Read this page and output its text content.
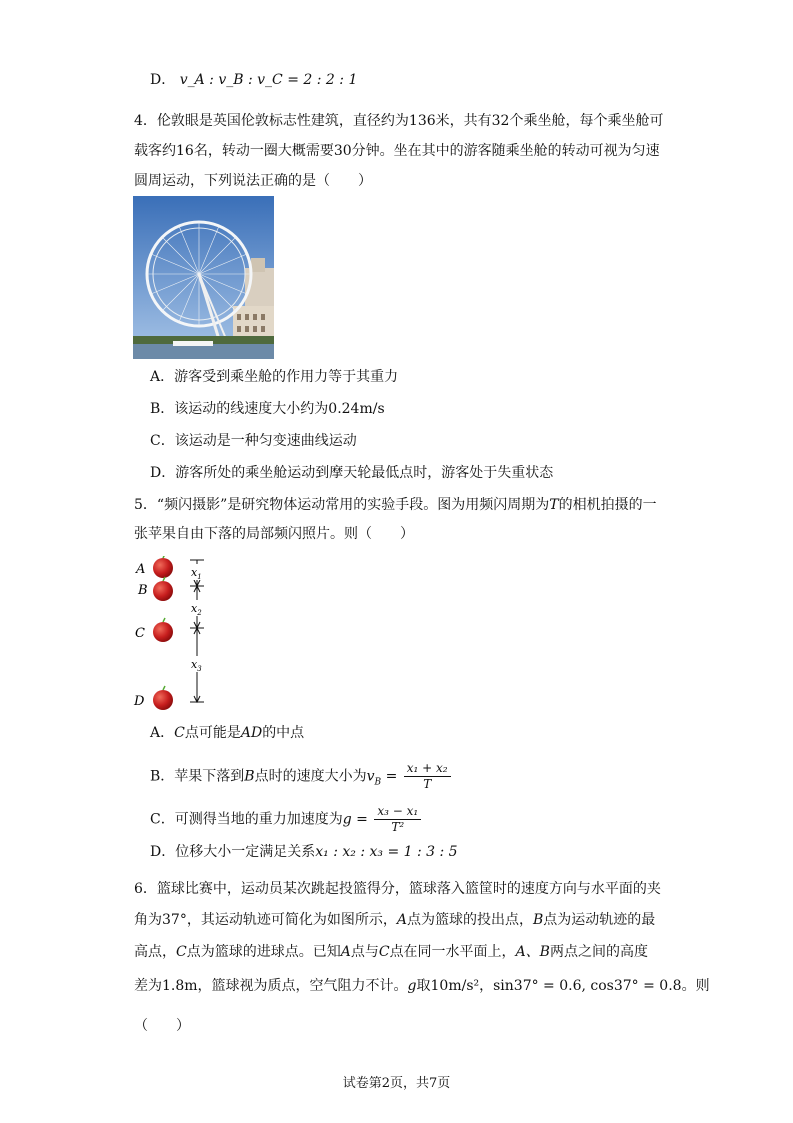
D． v_A : v_B : v_C = 2 : 2 : 1
4．伦敦眼是英国伦敦标志性建筑，直径约为136米，共有32个乘坐舱，每个乘坐舱可
载客约16名，转动一圈大概需要30分钟。坐在其中的游客随乘坐舱的转动可视为匀速
圆周运动，下列说法正确的是（　　）
A．游客受到乘坐舱的作用力等于其重力
B．该运动的线速度大小约为0.24m/s
C．该运动是一种匀变速曲线运动
D．游客所处的乘坐舱运动到摩天轮最低点时，游客处于失重状态
5．“频闪摄影”是研究物体运动常用的实验手段。图为用频闪周期为T的相机拍摄的一
张苹果自由下落的局部频闪照片。则（　　）
A
B
C
D
$x_1$
$x_2$
$x_3$
A．C点可能是AD的中点
B．苹果下落到B点时的速度大小为$v_B = \frac{\text{x₁ + x₂}}{T}$
C．可测得当地的重力加速度为$g = \frac{\text{x₃ − x₁}}{\text{T²}}$
D．位移大小一定满足关系x₁ : x₂ : x₃ = 1 : 3 : 5
6．篮球比赛中，运动员某次跳起投篮得分，篮球落入篮筐时的速度方向与水平面的夹
角为37°，其运动轨迹可简化为如图所示，A点为篮球的投出点，B点为运动轨迹的最
高点，C点为篮球的进球点。已知A点与C点在同一水平面上，A、B两点之间的高度
差为1.8m，篮球视为质点，空气阻力不计。g取10m/s²，sin37° = 0.6, cos37° = 0.8。则
（　　）
试卷第2页，共7页
